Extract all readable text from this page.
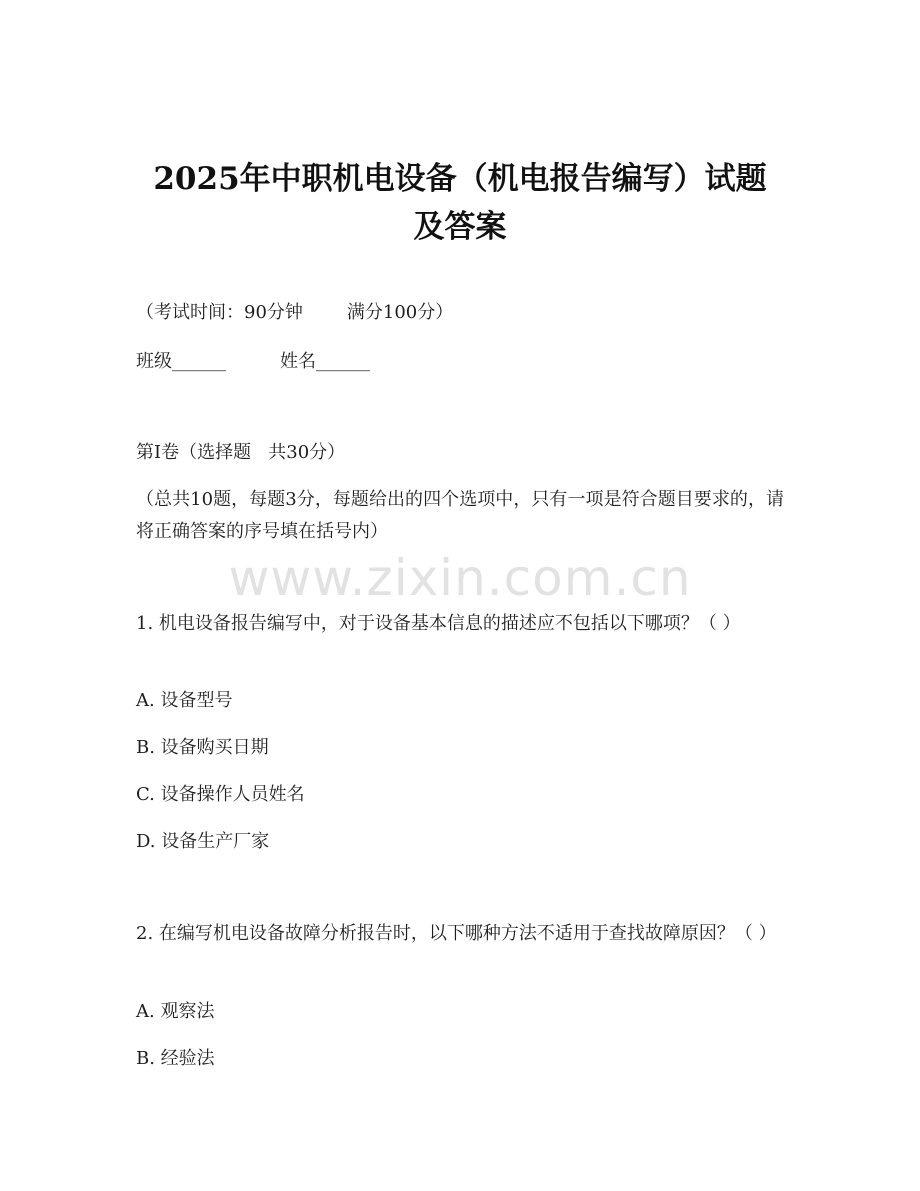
2025年中职机电设备（机电报告编写）试题
及答案
（考试时间：90分钟 满分100分）
班级______	姓名______
第I卷（选择题   共30分）
（总共10题，每题3分，每题给出的四个选项中，只有一项是符合题目要求的，请将正确答案的序号填在括号内）
www.zixin.com.cn
1. 机电设备报告编写中，对于设备基本信息的描述应不包括以下哪项？（ ）
A. 设备型号
B. 设备购买日期
C. 设备操作人员姓名
D. 设备生产厂家
2. 在编写机电设备故障分析报告时，以下哪种方法不适用于查找故障原因？（ ）
A. 观察法
B. 经验法
